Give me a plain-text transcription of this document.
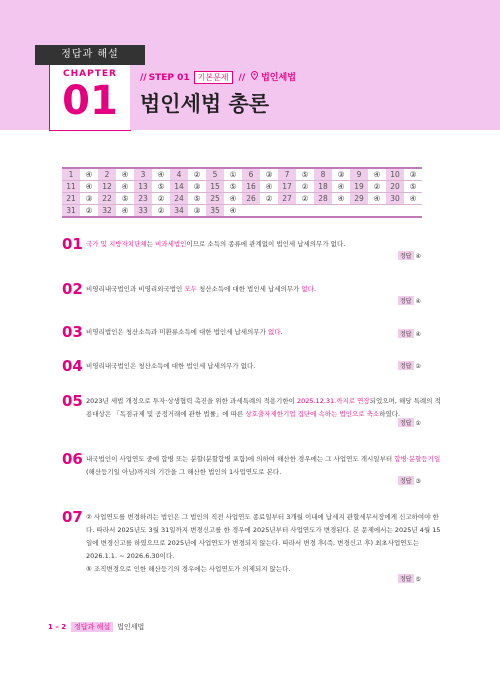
정답과 해설
CHAPTER
01	// STEP 01 기본문제 // 법인세법
법인세법 총론
1	④	2	④	3	④	4	②	5	①	6	③	7	⑤	8	③	9	④	10	③
11	④	12	④	13	⑤	14	③	15	⑤	16	④	17	②	18	④	19	②	20	⑤
21	③	22	⑤	23	②	24	⑤	25	④	26	②	27	②	28	④	29	④	30	④
31	②	32	④	33	②	34	③	35	④										
01 국가 및 지방자치단체는 비과세법인이므로 소득의 종류에 관계없이 법인세 납세의무가 없다.
정답 ④
02 비영리내국법인과 비영리외국법인 모두 청산소득에 대한 법인세 납세의무가 없다.
정답 ④
03 비영리법인은 청산소득과 미환류소득에 대한 법인세 납세의무가 없다.	정답 ④
04 비영리내국법인은 청산소득에 대한 법인세 납세의무가 없다.	정답 ②
05 2023년 세법 개정으로 투자·상생협력 촉진을 위한 과세특례의 적용기한이 2025.12.31.까지로 연장되었으며, 해당 특례의 적용대상은 「독점규제 및 공정거래에 관한 법률」에 따른 상호출자제한기업 집단에 속하는 법인으로 축소하였다.
정답 ①
06 내국법인이 사업연도 중에 합병 또는 분할(분할합병 포함)에 의하여 해산한 경우에는 그 사업연도 개시일부터 합병·분할등기일(해산등기일 아님)까지의 기간을 그 해산한 법인의 1사업연도로 본다.
정답 ③
07 ② 사업연도를 변경하려는 법인은 그 법인의 직전 사업연도 종료일부터 3개월 이내에 납세지 관할세무서장에게 신고하여야 한다. 따라서 2025년도 3월 31일까지 변경신고를 한 경우에 2025년부터 사업연도가 변경된다. 본 문제에서는 2025년 4월 15일에 변경신고를 하였으므로 2025년에 사업연도가 변경되지 않는다. 따라서 변경 후(즉, 변경신고 후) 최초사업연도는 2026.1.1. ~ 2026.6.30이다.
⑤ 조직변경으로 인한 해산등기의 경우에는 사업연도가 의제되지 않는다.
정답 ⑤
1 – 2 정답과 해설 법인세법
